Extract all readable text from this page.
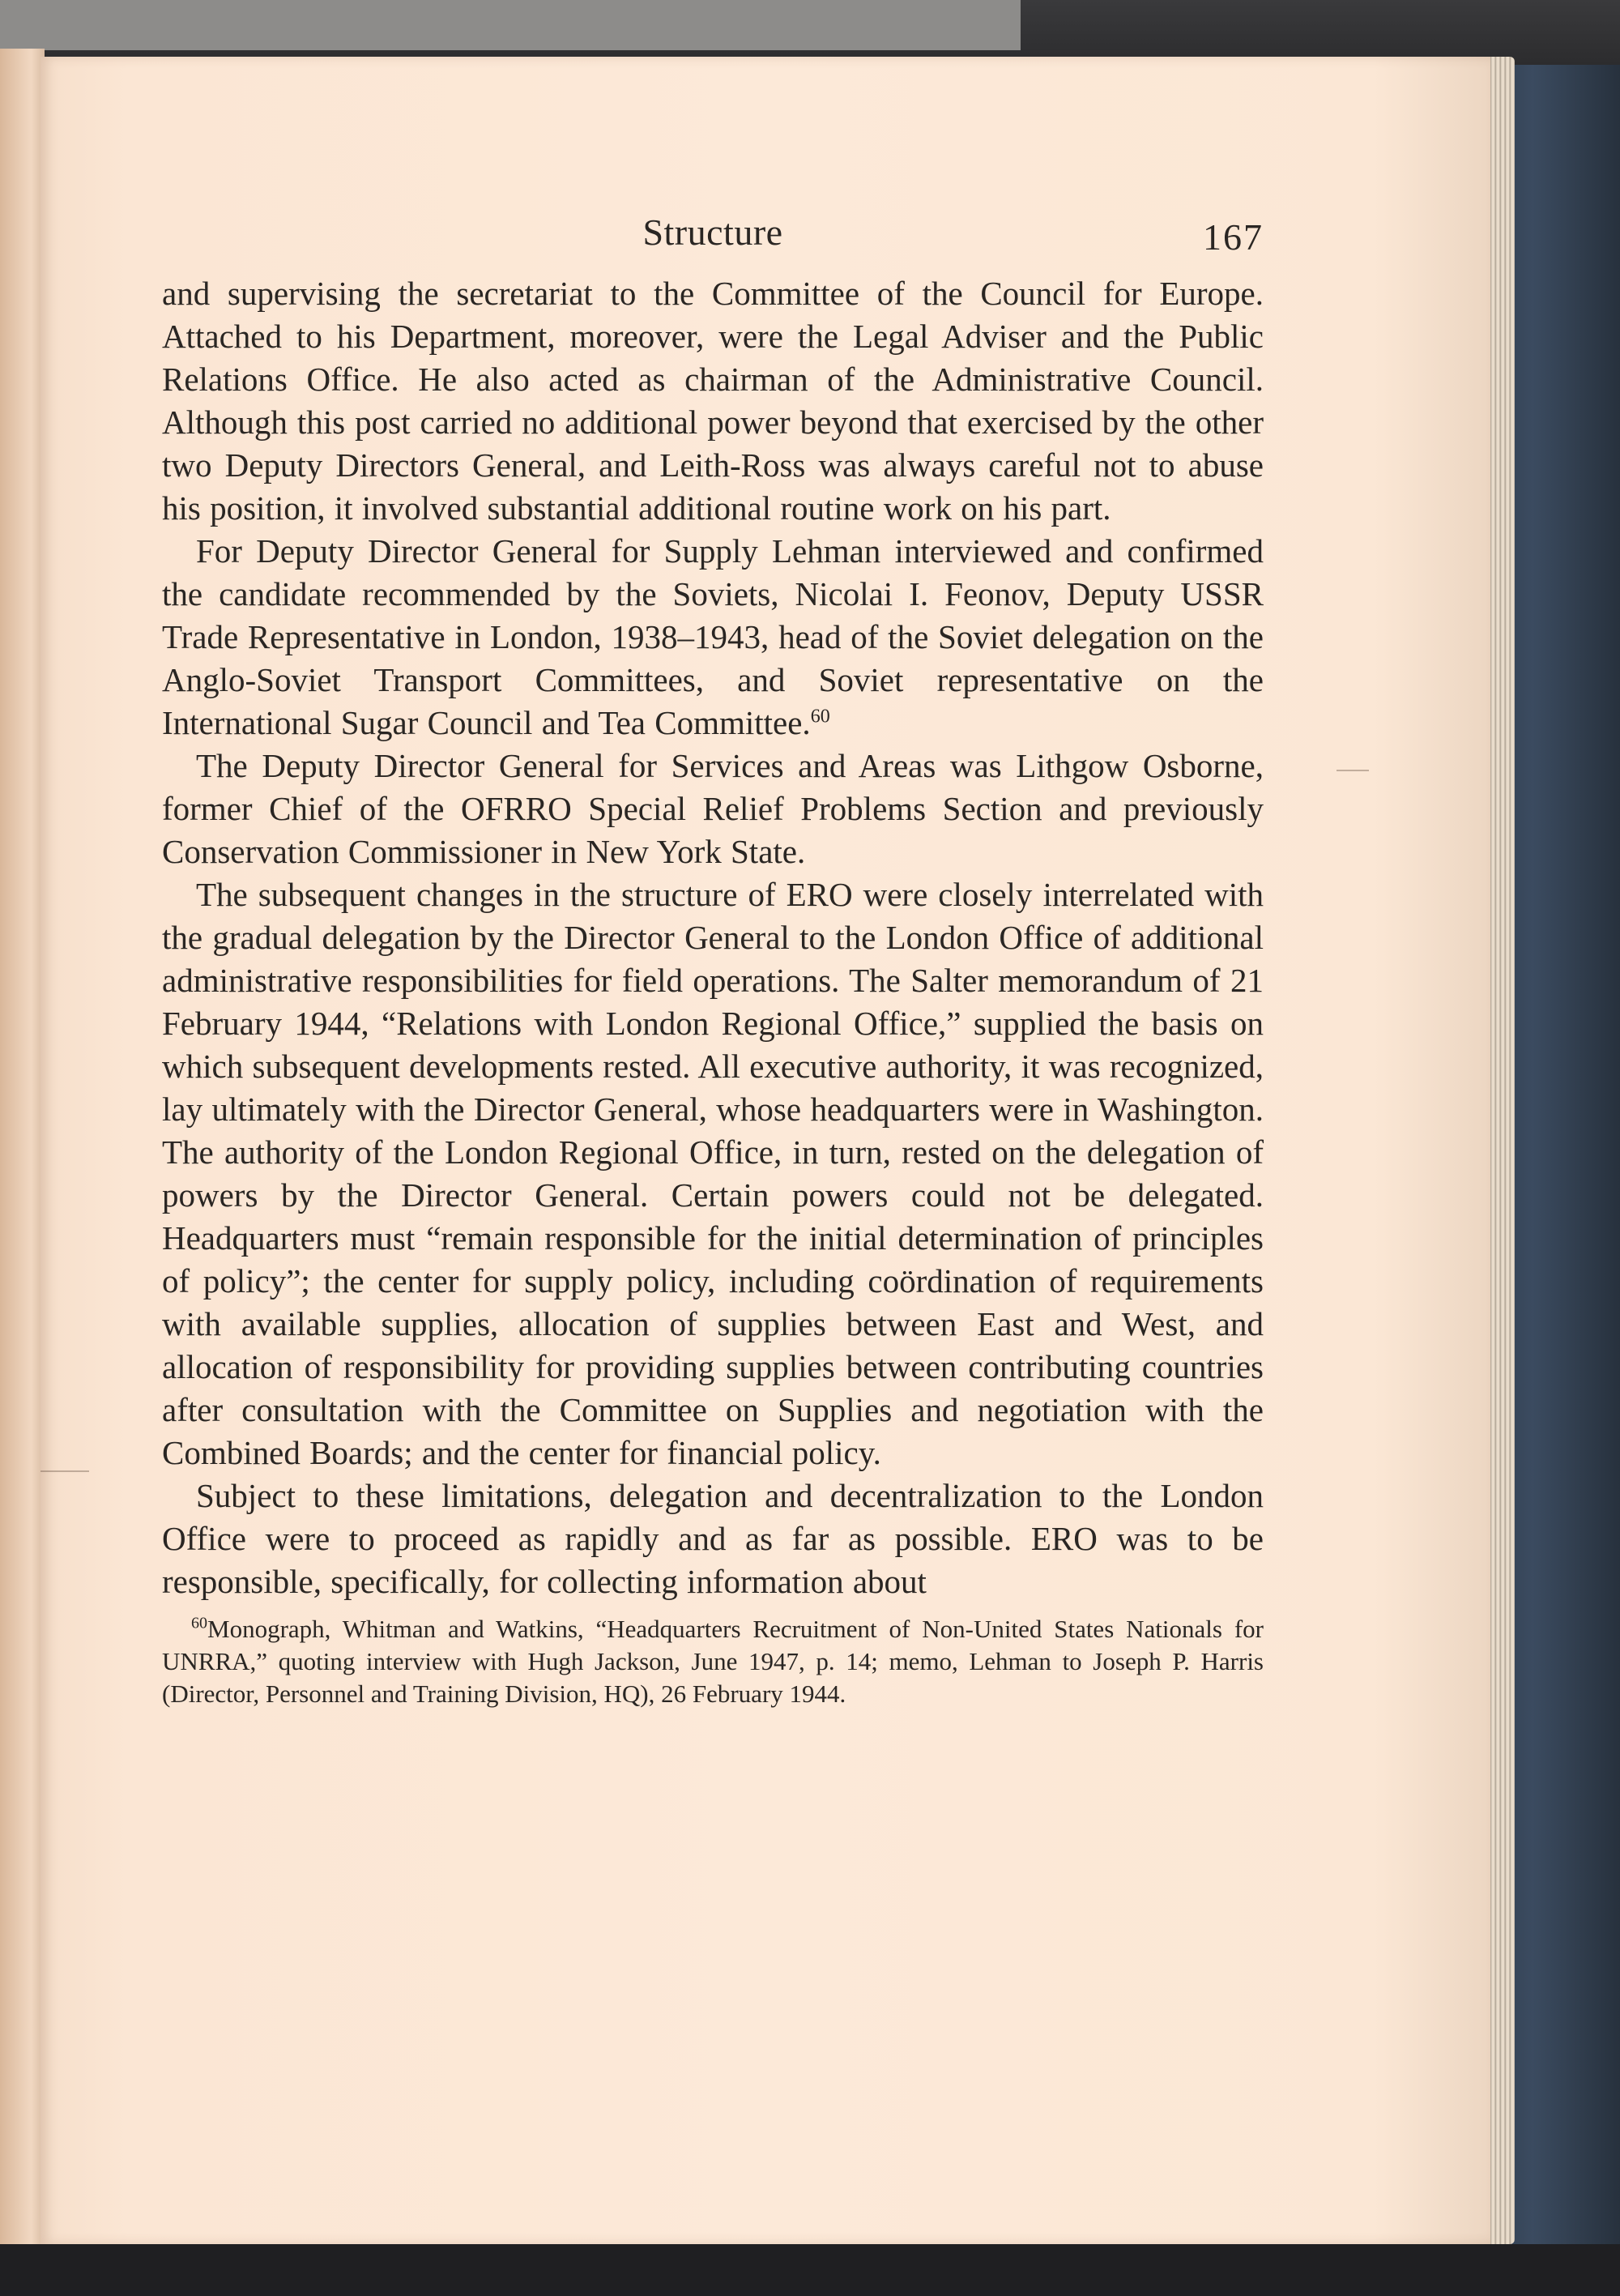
Structure	167

and supervising the secretariat to the Committee of the Council for Europe. Attached to his Department, moreover, were the Legal Adviser and the Public Relations Office. He also acted as chairman of the Administrative Council. Although this post carried no additional power beyond that exercised by the other two Deputy Directors General, and Leith-Ross was always careful not to abuse his position, it involved substantial additional routine work on his part.

For Deputy Director General for Supply Lehman interviewed and confirmed the candidate recommended by the Soviets, Nicolai I. Feonov, Deputy USSR Trade Representative in London, 1938–1943, head of the Soviet delegation on the Anglo-Soviet Transport Committees, and Soviet representative on the International Sugar Council and Tea Committee.$^{60}$

The Deputy Director General for Services and Areas was Lithgow Osborne, former Chief of the OFRRO Special Relief Problems Section and previously Conservation Commissioner in New York State.

The subsequent changes in the structure of ERO were closely interrelated with the gradual delegation by the Director General to the London Office of additional administrative responsibilities for field operations. The Salter memorandum of 21 February 1944, “Relations with London Regional Office,” supplied the basis on which subsequent developments rested. All executive authority, it was recognized, lay ultimately with the Director General, whose headquarters were in Washington. The authority of the London Regional Office, in turn, rested on the delegation of powers by the Director General. Certain powers could not be delegated. Headquarters must “remain responsible for the initial determination of principles of policy”; the center for supply policy, including coördination of requirements with available supplies, allocation of supplies between East and West, and allocation of responsibility for providing supplies between contributing countries after consultation with the Committee on Supplies and negotiation with the Combined Boards; and the center for financial policy.

Subject to these limitations, delegation and decentralization to the London Office were to proceed as rapidly and as far as possible. ERO was to be responsible, specifically, for collecting information about

$^{60}$Monograph, Whitman and Watkins, “Headquarters Recruitment of Non-United States Nationals for UNRRA,” quoting interview with Hugh Jackson, June 1947, p. 14; memo, Lehman to Joseph P. Harris (Director, Personnel and Training Division, HQ), 26 February 1944.
